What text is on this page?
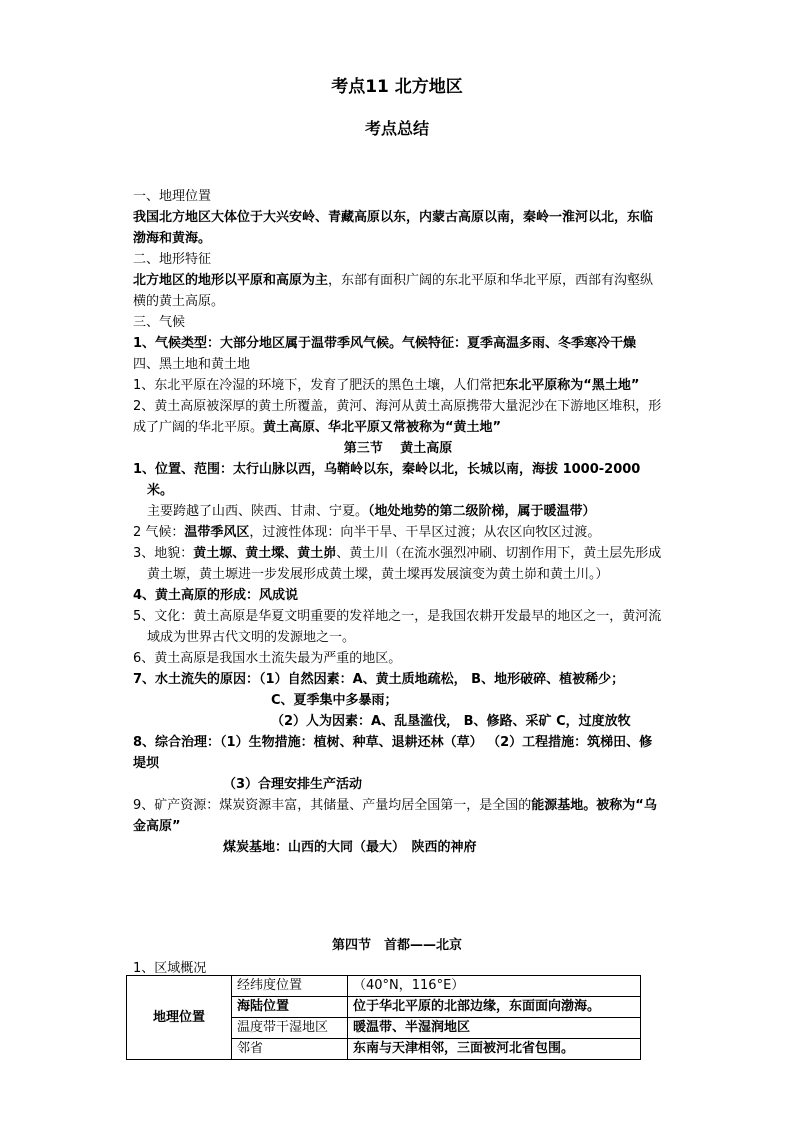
考点11 北方地区
考点总结

一、地理位置

我国北方地区大体位于大兴安岭、青藏高原以东，内蒙古高原以南，秦岭一淮河以北，东临渤海和黄海。

二、地形特征

北方地区的地形以平原和高原为主，东部有面积广阔的东北平原和华北平原，西部有沟壑纵横的黄土高原。

三、气候

1、气候类型：大部分地区属于温带季风气候。气候特征：夏季高温多雨、冬季寒冷干燥

四、黑土地和黄土地

1、东北平原在冷湿的环境下，发育了肥沃的黑色土壤，人们常把东北平原称为“黑土地”

2、黄土高原被深厚的黄土所覆盖，黄河、海河从黄土高原携带大量泥沙在下游地区堆积，形成了广阔的华北平原。黄土高原、华北平原又常被称为“黄土地”

第三节　 黄土高原

1、位置、范围：太行山脉以西，乌鞘岭以东，秦岭以北，长城以南，海拔 1000-2000 米。

主要跨越了山西、陕西、甘肃、宁夏。（地处地势的第二级阶梯，属于暖温带）

2 气候：温带季风区，过渡性体现：向半干旱、干旱区过渡；从农区向牧区过渡。

3、地貌：黄土塬、黄土墚、黄土峁、黄土川（在流水强烈冲刷、切割作用下，黄土层先形成黄土塬，黄土塬进一步发展形成黄土墚，黄土墚再发展演变为黄土峁和黄土川。）

4、黄土高原的形成：风成说

5、文化：黄土高原是华夏文明重要的发祥地之一，是我国农耕开发最早的地区之一，黄河流域成为世界古代文明的发源地之一。

6、黄土高原是我国水土流失最为严重的地区。

7、水土流失的原因：（1）自然因素：A、黄土质地疏松， B、地形破碎、植被稀少；

C、夏季集中多暴雨；

（2）人为因素：A、乱垦滥伐， B、修路、采矿 C，过度放牧

8、综合治理：（1）生物措施：植树、种草、退耕还林（草） （2）工程措施：筑梯田、修堤坝

（3）合理安排生产活动

9、矿产资源：煤炭资源丰富，其储量、产量均居全国第一，是全国的能源基地。被称为“乌金高原”

煤炭基地：山西的大同（最大）　陕西的神府

第四节　首都——北京
1、区域概况
地理位置	经纬度位置	（40°N，116°E）
	海陆位置	位于华北平原的北部边缘，东面面向渤海。
	温度带干湿地区	暖温带、半湿润地区
	邻省	东南与天津相邻，三面被河北省包围。
